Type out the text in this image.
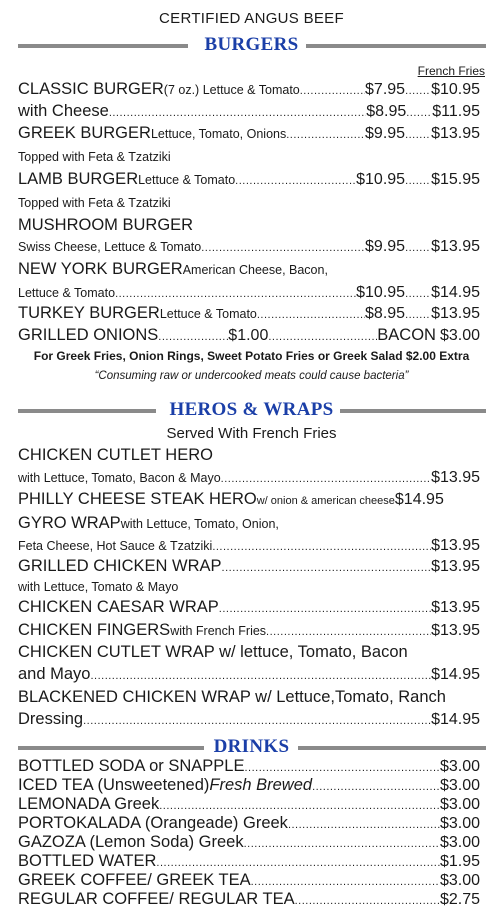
CERTIFIED ANGUS BEEF
BURGERS
French Fries
CLASSIC BURGER (7 oz.) Lettuce & Tomato .....	$7.95 ..... $10.95
with Cheese .....	$8.95 ..... $11.95
GREEK BURGER Lettuce, Tomato, Onions .....	$9.95 ..... $13.95
Topped with Feta & Tzatziki
LAMB BURGER Lettuce & Tomato .....	$10.95 ..... $15.95
Topped with Feta & Tzatziki
MUSHROOM BURGER
Swiss Cheese, Lettuce & Tomato .....	$9.95 ..... $13.95
NEW YORK BURGER American Cheese, Bacon,
Lettuce & Tomato .....	$10.95 ..... $14.95
TURKEY BURGER Lettuce & Tomato .....	$8.95 ..... $13.95
GRILLED ONIONS .....	$1.00 .....	BACON $3.00
For Greek Fries, Onion Rings, Sweet Potato Fries or Greek Salad $2.00 Extra
“Consuming raw or undercooked meats could cause bacteria”
HEROS & WRAPS
Served With French Fries
CHICKEN CUTLET HERO
with Lettuce, Tomato, Bacon & Mayo .....	$13.95
PHILLY CHEESE STEAK HERO w/ onion & american cheese $14.95
GYRO WRAP with Lettuce, Tomato, Onion,
Feta Cheese, Hot Sauce & Tzatziki .....	$13.95
GRILLED CHICKEN WRAP .....	$13.95
with Lettuce, Tomato & Mayo
CHICKEN CAESAR WRAP .....	$13.95
CHICKEN FINGERS with French Fries .....	$13.95
CHICKEN CUTLET WRAP w/ lettuce, Tomato, Bacon
and Mayo .....	$14.95
BLACKENED CHICKEN WRAP w/ Lettuce,Tomato, Ranch
Dressing .....	$14.95
DRINKS
BOTTLED SODA or SNAPPLE .....	$3.00
ICED TEA (Unsweetened) Fresh Brewed .....	$3.00
LEMONADA Greek .....	$3.00
PORTOKALADA (Orangeade) Greek .....	$3.00
GAZOZA (Lemon Soda) Greek .....	$3.00
BOTTLED WATER .....	$1.95
GREEK COFFEE/ GREEK TEA .....	$3.00
REGULAR COFFEE/ REGULAR TEA .....	$2.75
